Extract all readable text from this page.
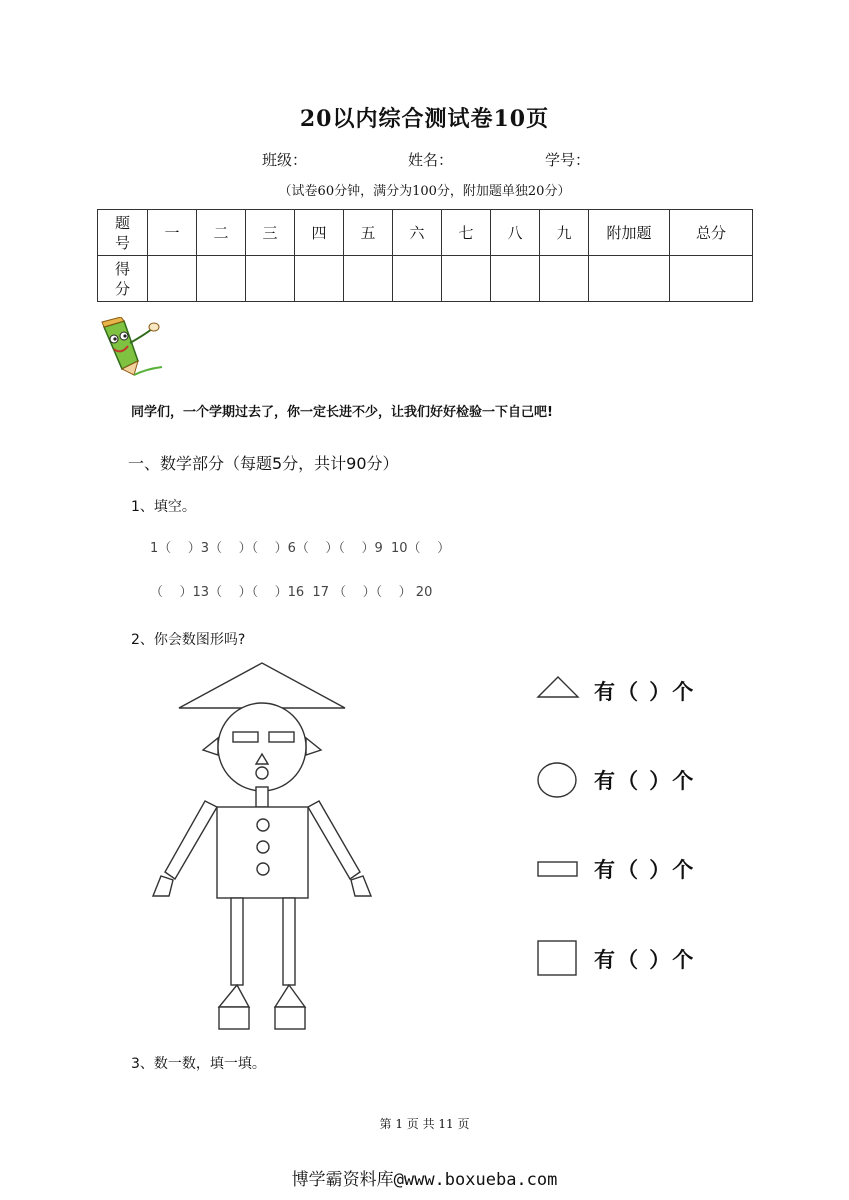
20以内综合测试卷10页
班级：	姓名：	学号：
（试卷60分钟，满分为100分，附加题单独20分）
题号	一	二	三	四	五	六	七	八	九	附加题	总分
得分											
同学们，一个学期过去了，你一定长进不少，让我们好好检验一下自己吧!
一、数学部分（每题5分，共计90分）
1、填空。
1（    ）3（    ）（    ）6（    ）（    ）9  10（    ）
（    ）13（    ）（    ）16  17 （    ）（    ） 20
2、你会数图形吗?
有（ ）个
有（ ）个
有（ ）个
有（ ）个
3、数一数，填一填。
第 1 页 共 11 页
博学霸资料库@www.boxueba.com
